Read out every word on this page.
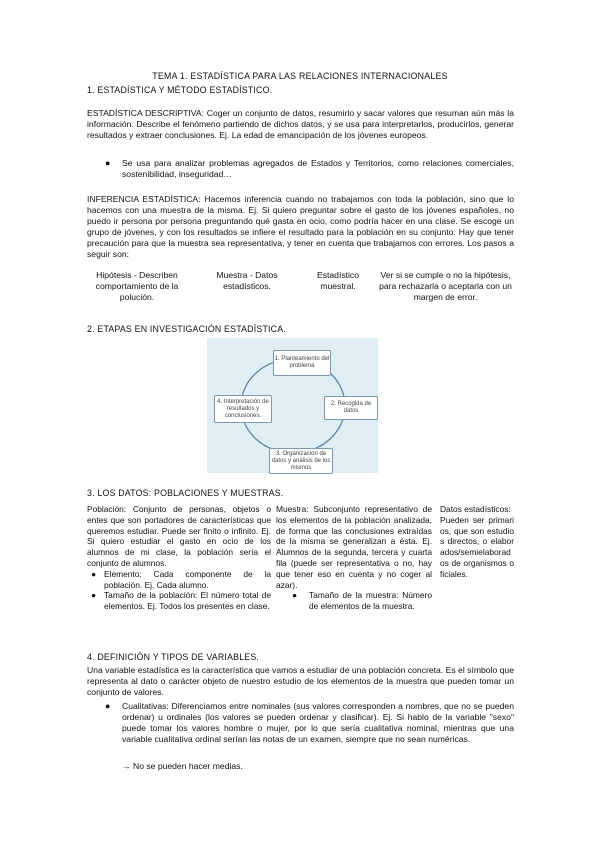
TEMA 1. ESTADÍSTICA PARA LAS RELACIONES INTERNACIONALES
1. ESTADÍSTICA Y MÉTODO ESTADÍSTICO.
ESTADÍSTICA DESCRIPTIVA: Coger un conjunto de datos, resumirlo y sacar valores que resuman aún más la información. Describe el fenómeno partiendo de dichos datos, y se usa para interpretarlos, producirlos, generar resultados y extraer conclusiones. Ej. La edad de emancipación de los jóvenes europeos.
● Se usa para analizar problemas agregados de Estados y Territorios, como relaciones comerciales, sostenibilidad, inseguridad…
INFERENCIA ESTADÍSTICA: Hacemos inferencia cuando no trabajamos con toda la población, sino que lo hacemos con una muestra de la misma. Ej. Si quiero preguntar sobre el gasto de los jóvenes españoles, no puedo ir persona por persona preguntando qué gasta en ocio, como podría hacer en una clase. Se escoge un grupo de jóvenes, y con los resultados se infiere el resultado para la población en su conjunto. Hay que tener precaución para que la muestra sea representativa, y tener en cuenta que trabajamos con errores. Los pasos a seguir son:
Hipótesis - Describen comportamiento de la polución.
Muestra - Datos estadísticos.
Estadístico muestral.
Ver si se cumple o no la hipótesis, para rechazarla o aceptarla con un margen de error.
2. ETAPAS EN INVESTIGACIÓN ESTADÍSTICA.
1. Planteamiento del problema
2. Recogida de datos
3. Organización de datos y análisis de los mismos
4. Interpretación de resultados y conclusiones.
3. LOS DATOS: POBLACIONES Y MUESTRAS.
Población: Conjunto de personas, objetos o entes que son portadores de características que queremos estudiar. Puede ser finito o infinito. Ej. Si quiero estudiar el gasto en ocio de los alumnos de mi clase, la población sería el conjunto de alumnos.
● Elemento: Cada componente de la población. Ej. Cada alumno.
● Tamaño de la población: El número total de elementos. Ej. Todos los presentes en clase.
Muestra: Subconjunto representativo de los elementos de la población analizada, de forma que las conclusiones extraídas de la misma se generalizan a ésta. Ej. Alumnos de la segunda, tercera y cuarta fila (puede ser representativa o no, hay que tener eso en cuenta y no coger al azar).
● Tamaño de la muestra: Número de elementos de la muestra.
Datos estadísticos:
Pueden ser primarios, que son estudios directos, o elaborados/semielaborados de organismos oficiales.
4. DEFINICIÓN Y TIPOS DE VARIABLES.
Una variable estadística es la característica que vamos a estudiar de una población concreta. Es el símbolo que representa al dato o carácter objeto de nuestro estudio de los elementos de la muestra que pueden tomar un conjunto de valores.
● Cualitativas: Diferenciamos entre nominales (sus valores corresponden a nombres, que no se pueden ordenar) u ordinales (los valores se pueden ordenar y clasificar). Ej. Si hablo de la variable "sexo" puede tomar los valores hombre o mujer, por lo que sería cualitativa nominal, mientras que una variable cualitativa ordinal serían las notas de un examen, siempre que no sean numéricas.
→ No se pueden hacer medias.
